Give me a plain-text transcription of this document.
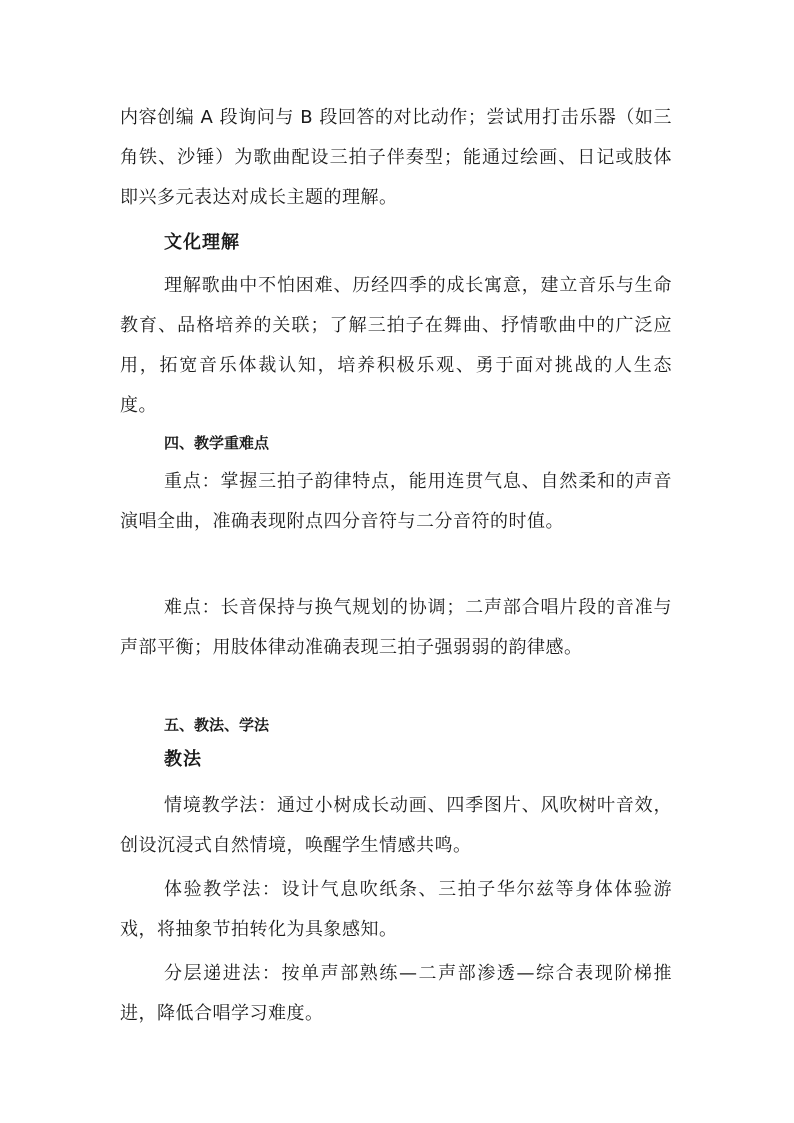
内容创编 A 段询问与 B 段回答的对比动作；尝试用打击乐器（如三角铁、沙锤）为歌曲配设三拍子伴奏型；能通过绘画、日记或肢体即兴多元表达对成长主题的理解。

文化理解

理解歌曲中不怕困难、历经四季的成长寓意，建立音乐与生命教育、品格培养的关联；了解三拍子在舞曲、抒情歌曲中的广泛应用，拓宽音乐体裁认知，培养积极乐观、勇于面对挑战的人生态度。

四、教学重难点

重点：掌握三拍子韵律特点，能用连贯气息、自然柔和的声音演唱全曲，准确表现附点四分音符与二分音符的时值。

难点：长音保持与换气规划的协调；二声部合唱片段的音准与声部平衡；用肢体律动准确表现三拍子强弱弱的韵律感。

五、教法、学法
教法

情境教学法：通过小树成长动画、四季图片、风吹树叶音效，创设沉浸式自然情境，唤醒学生情感共鸣。

体验教学法：设计气息吹纸条、三拍子华尔兹等身体体验游戏，将抽象节拍转化为具象感知。

分层递进法：按单声部熟练—二声部渗透—综合表现阶梯推进，降低合唱学习难度。
